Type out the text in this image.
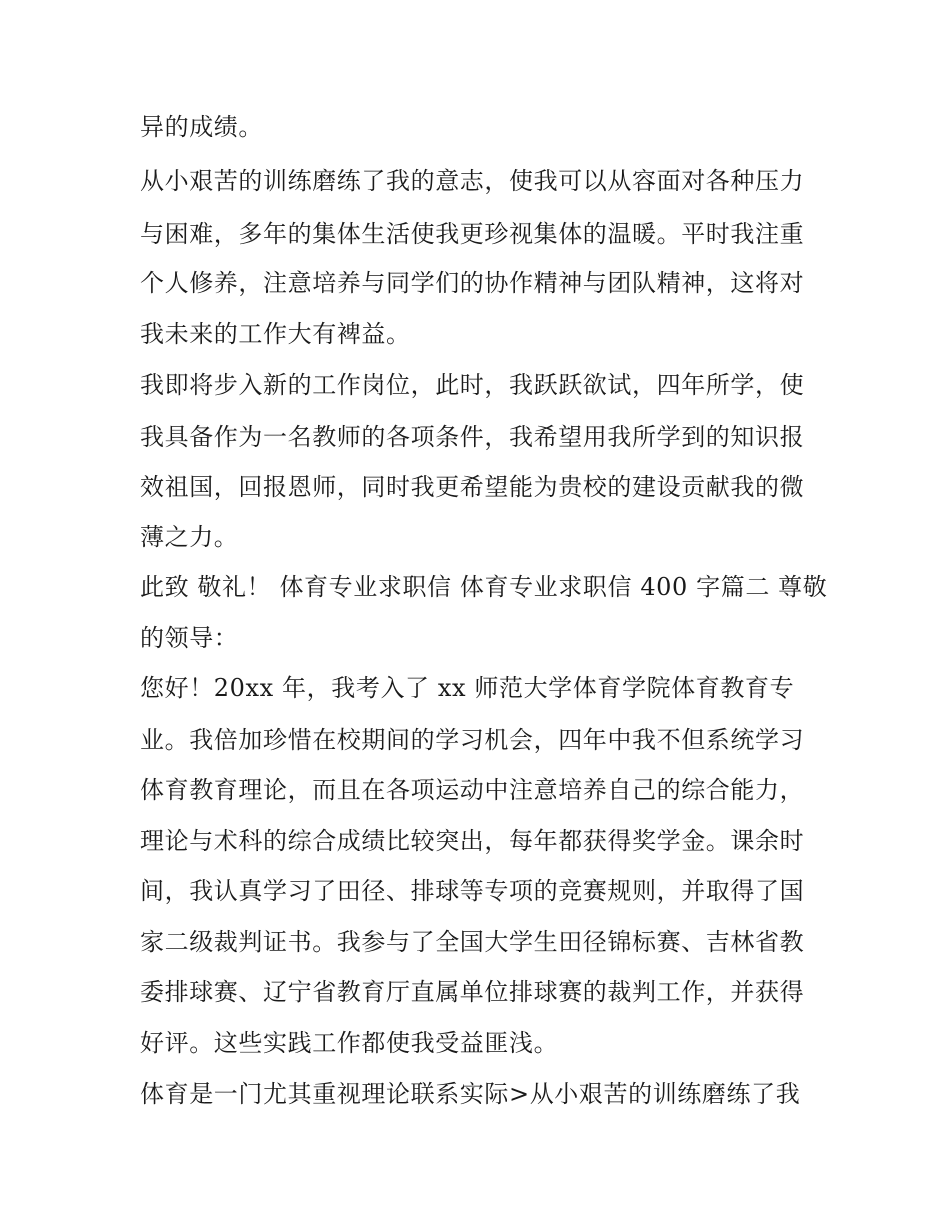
异的成绩。
从小艰苦的训练磨练了我的意志，使我可以从容面对各种压力
与困难，多年的集体生活使我更珍视集体的温暖。平时我注重
个人修养，注意培养与同学们的协作精神与团队精神，这将对
我未来的工作大有裨益。
我即将步入新的工作岗位，此时，我跃跃欲试，四年所学，使
我具备作为一名教师的各项条件，我希望用我所学到的知识报
效祖国，回报恩师，同时我更希望能为贵校的建设贡献我的微
薄之力。
此致 敬礼！ 体育专业求职信 体育专业求职信 400 字篇二 尊敬
的领导：
您好！20xx 年，我考入了 xx 师范大学体育学院体育教育专
业。我倍加珍惜在校期间的学习机会，四年中我不但系统学习
体育教育理论，而且在各项运动中注意培养自己的综合能力，
理论与术科的综合成绩比较突出，每年都获得奖学金。课余时
间，我认真学习了田径、排球等专项的竞赛规则，并取得了国
家二级裁判证书。我参与了全国大学生田径锦标赛、吉林省教
委排球赛、辽宁省教育厅直属单位排球赛的裁判工作，并获得
好评。这些实践工作都使我受益匪浅。
体育是一门尤其重视理论联系实际>从小艰苦的训练磨练了我
